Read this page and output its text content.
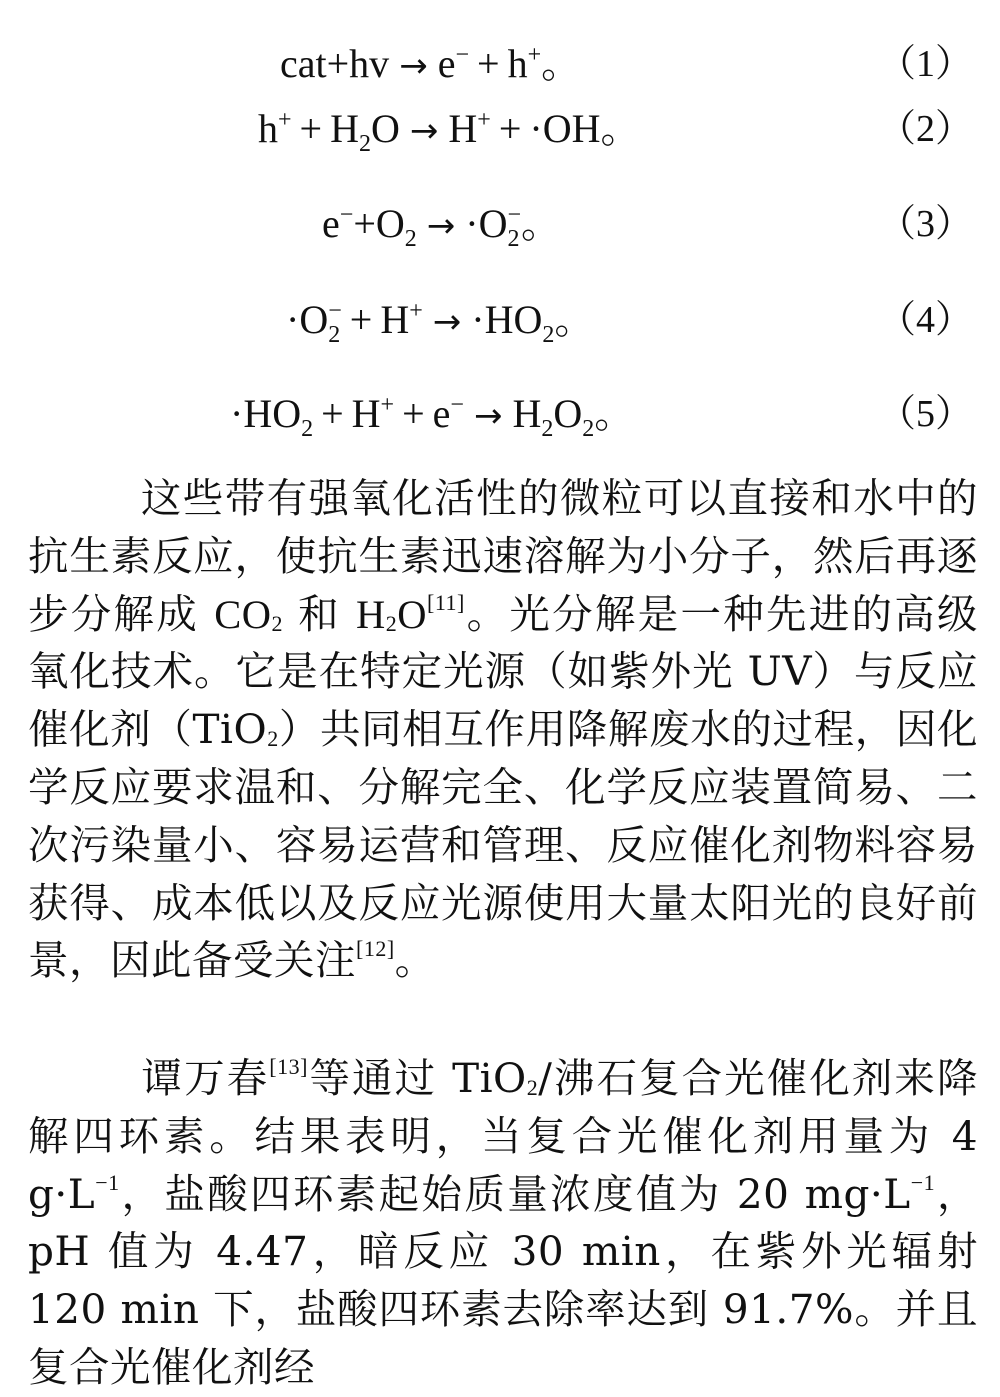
cat+hv → e− + h+。	（1）
$h^+ + H_2O \to H^+ + \cdot OH$。	（2）
$e^-+O_2 \to \cdot O_2^-$。	（3）
$\cdot O_2^- + H^+ \to \cdot HO_2$。	（4）
$\cdot HO_2 + H^+ + e^- \to H_2O_2$。	（5）
这些带有强氧化活性的微粒可以直接和水中的抗生素反应，使抗生素迅速溶解为小分子，然后再逐步分解成 $CO_2$ 和 $H_2O[11]$。光分解是一种先进的高级氧化技术。它是在特定光源（如紫外光 UV）与反应催化剂（TiO$_2$）共同相互作用降解废水的过程，因化学反应要求温和、分解完全、化学反应装置简易、二次污染量小、容易运营和管理、反应催化剂物料容易获得、成本低以及反应光源使用大量太阳光的良好前景，因此备受关注[12]。
谭万春[13]等通过 TiO$_2$/沸石复合光催化剂来降解四环素。结果表明，当复合光催化剂用量为 4 $g\cdot L^{-1}$，盐酸四环素起始质量浓度值为 20 $mg\cdot L^{-1}$，pH 值为 4.47，暗反应 30 min，在紫外光辐射 120 min 下，盐酸四环素去除率达到 91.7%。并且复合光催化剂经
